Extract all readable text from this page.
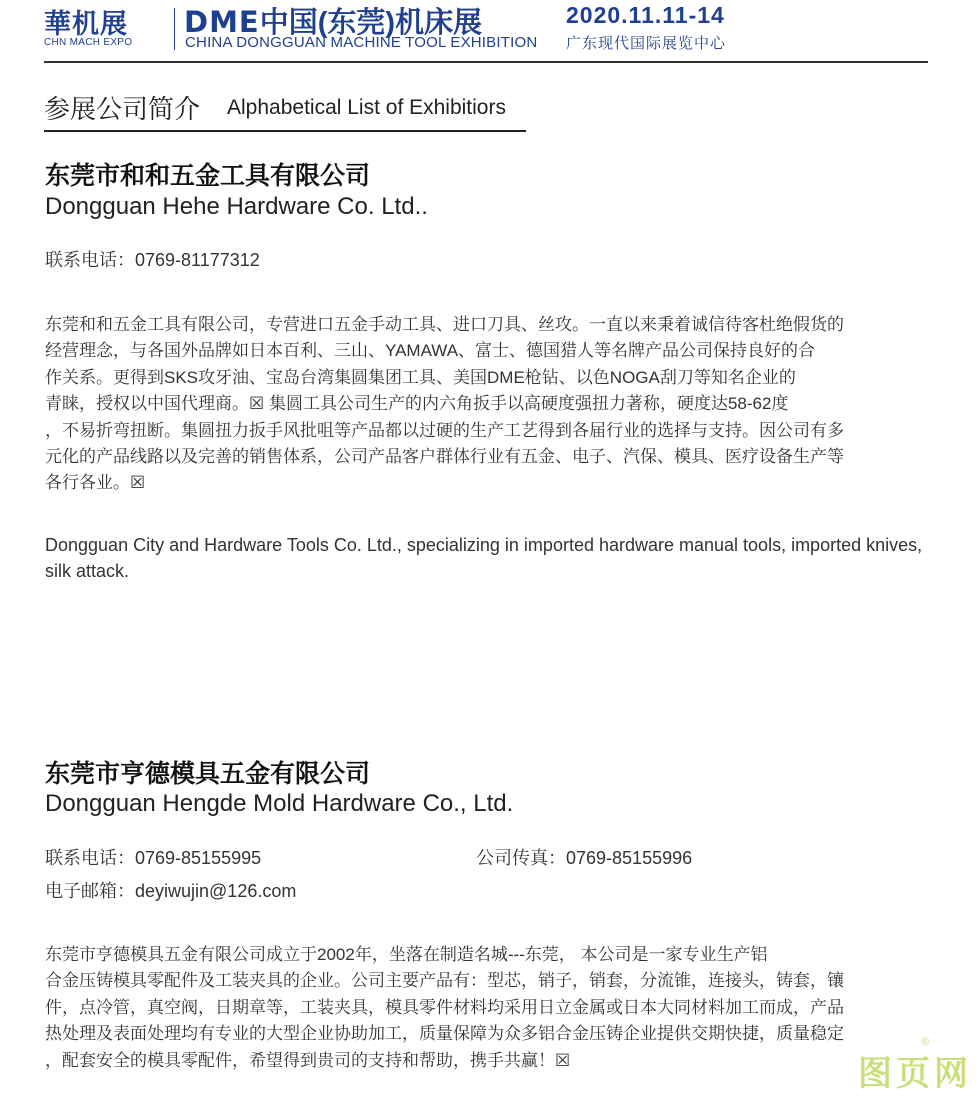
華机展
CHN MACH EXPO
DME中国(东莞)机床展
CHINA DONGGUAN MACHINE TOOL EXHIBITION
2020.11.11-14
广东现代国际展览中心
参展公司简介 Alphabetical List of Exhibitiors
东莞市和和五金工具有限公司
Dongguan Hehe Hardware Co. Ltd..
联系电话：0769-81177312
东莞和和五金工具有限公司，专营进口五金手动工具、进口刀具、丝攻。一直以来秉着诚信待客杜绝假货的
经营理念，与各国外品牌如日本百利、三山、YAMAWA、富士、德国猎人等名牌产品公司保持良好的合
作关系。更得到SKS攻牙油、宝岛台湾集圆集团工具、美国DME枪钻、以色NOGA刮刀等知名企业的
青睐，授权以中国代理商。☒ 集圆工具公司生产的内六角扳手以高硬度强扭力著称，硬度达58-62度
，不易折弯扭断。集圆扭力扳手风批咀等产品都以过硬的生产工艺得到各届行业的选择与支持。因公司有多
元化的产品线路以及完善的销售体系，公司产品客户群体行业有五金、电子、汽保、模具、医疗设备生产等
各行各业。☒
Dongguan City and Hardware Tools Co. Ltd., specializing in imported hardware manual tools, imported knives, silk attack.
东莞市亨德模具五金有限公司
Dongguan Hengde Mold Hardware Co., Ltd.
联系电话：0769-85155995	公司传真：0769-85155996
电子邮箱：deyiwujin@126.com
东莞市亨德模具五金有限公司成立于2002年，坐落在制造名城---东莞， 本公司是一家专业生产铝
合金压铸模具零配件及工装夹具的企业。公司主要产品有：型芯，销子，销套，分流锥，连接头，铸套，镶
件，点冷管，真空阀，日期章等，工装夹具，模具零件材料均采用日立金属或日本大同材料加工而成，产品
热处理及表面处理均有专业的大型企业协助加工，质量保障为众多铝合金压铸企业提供交期快捷，质量稳定
，配套安全的模具零配件，希望得到贵司的支持和帮助，携手共赢！☒	图页网
®
